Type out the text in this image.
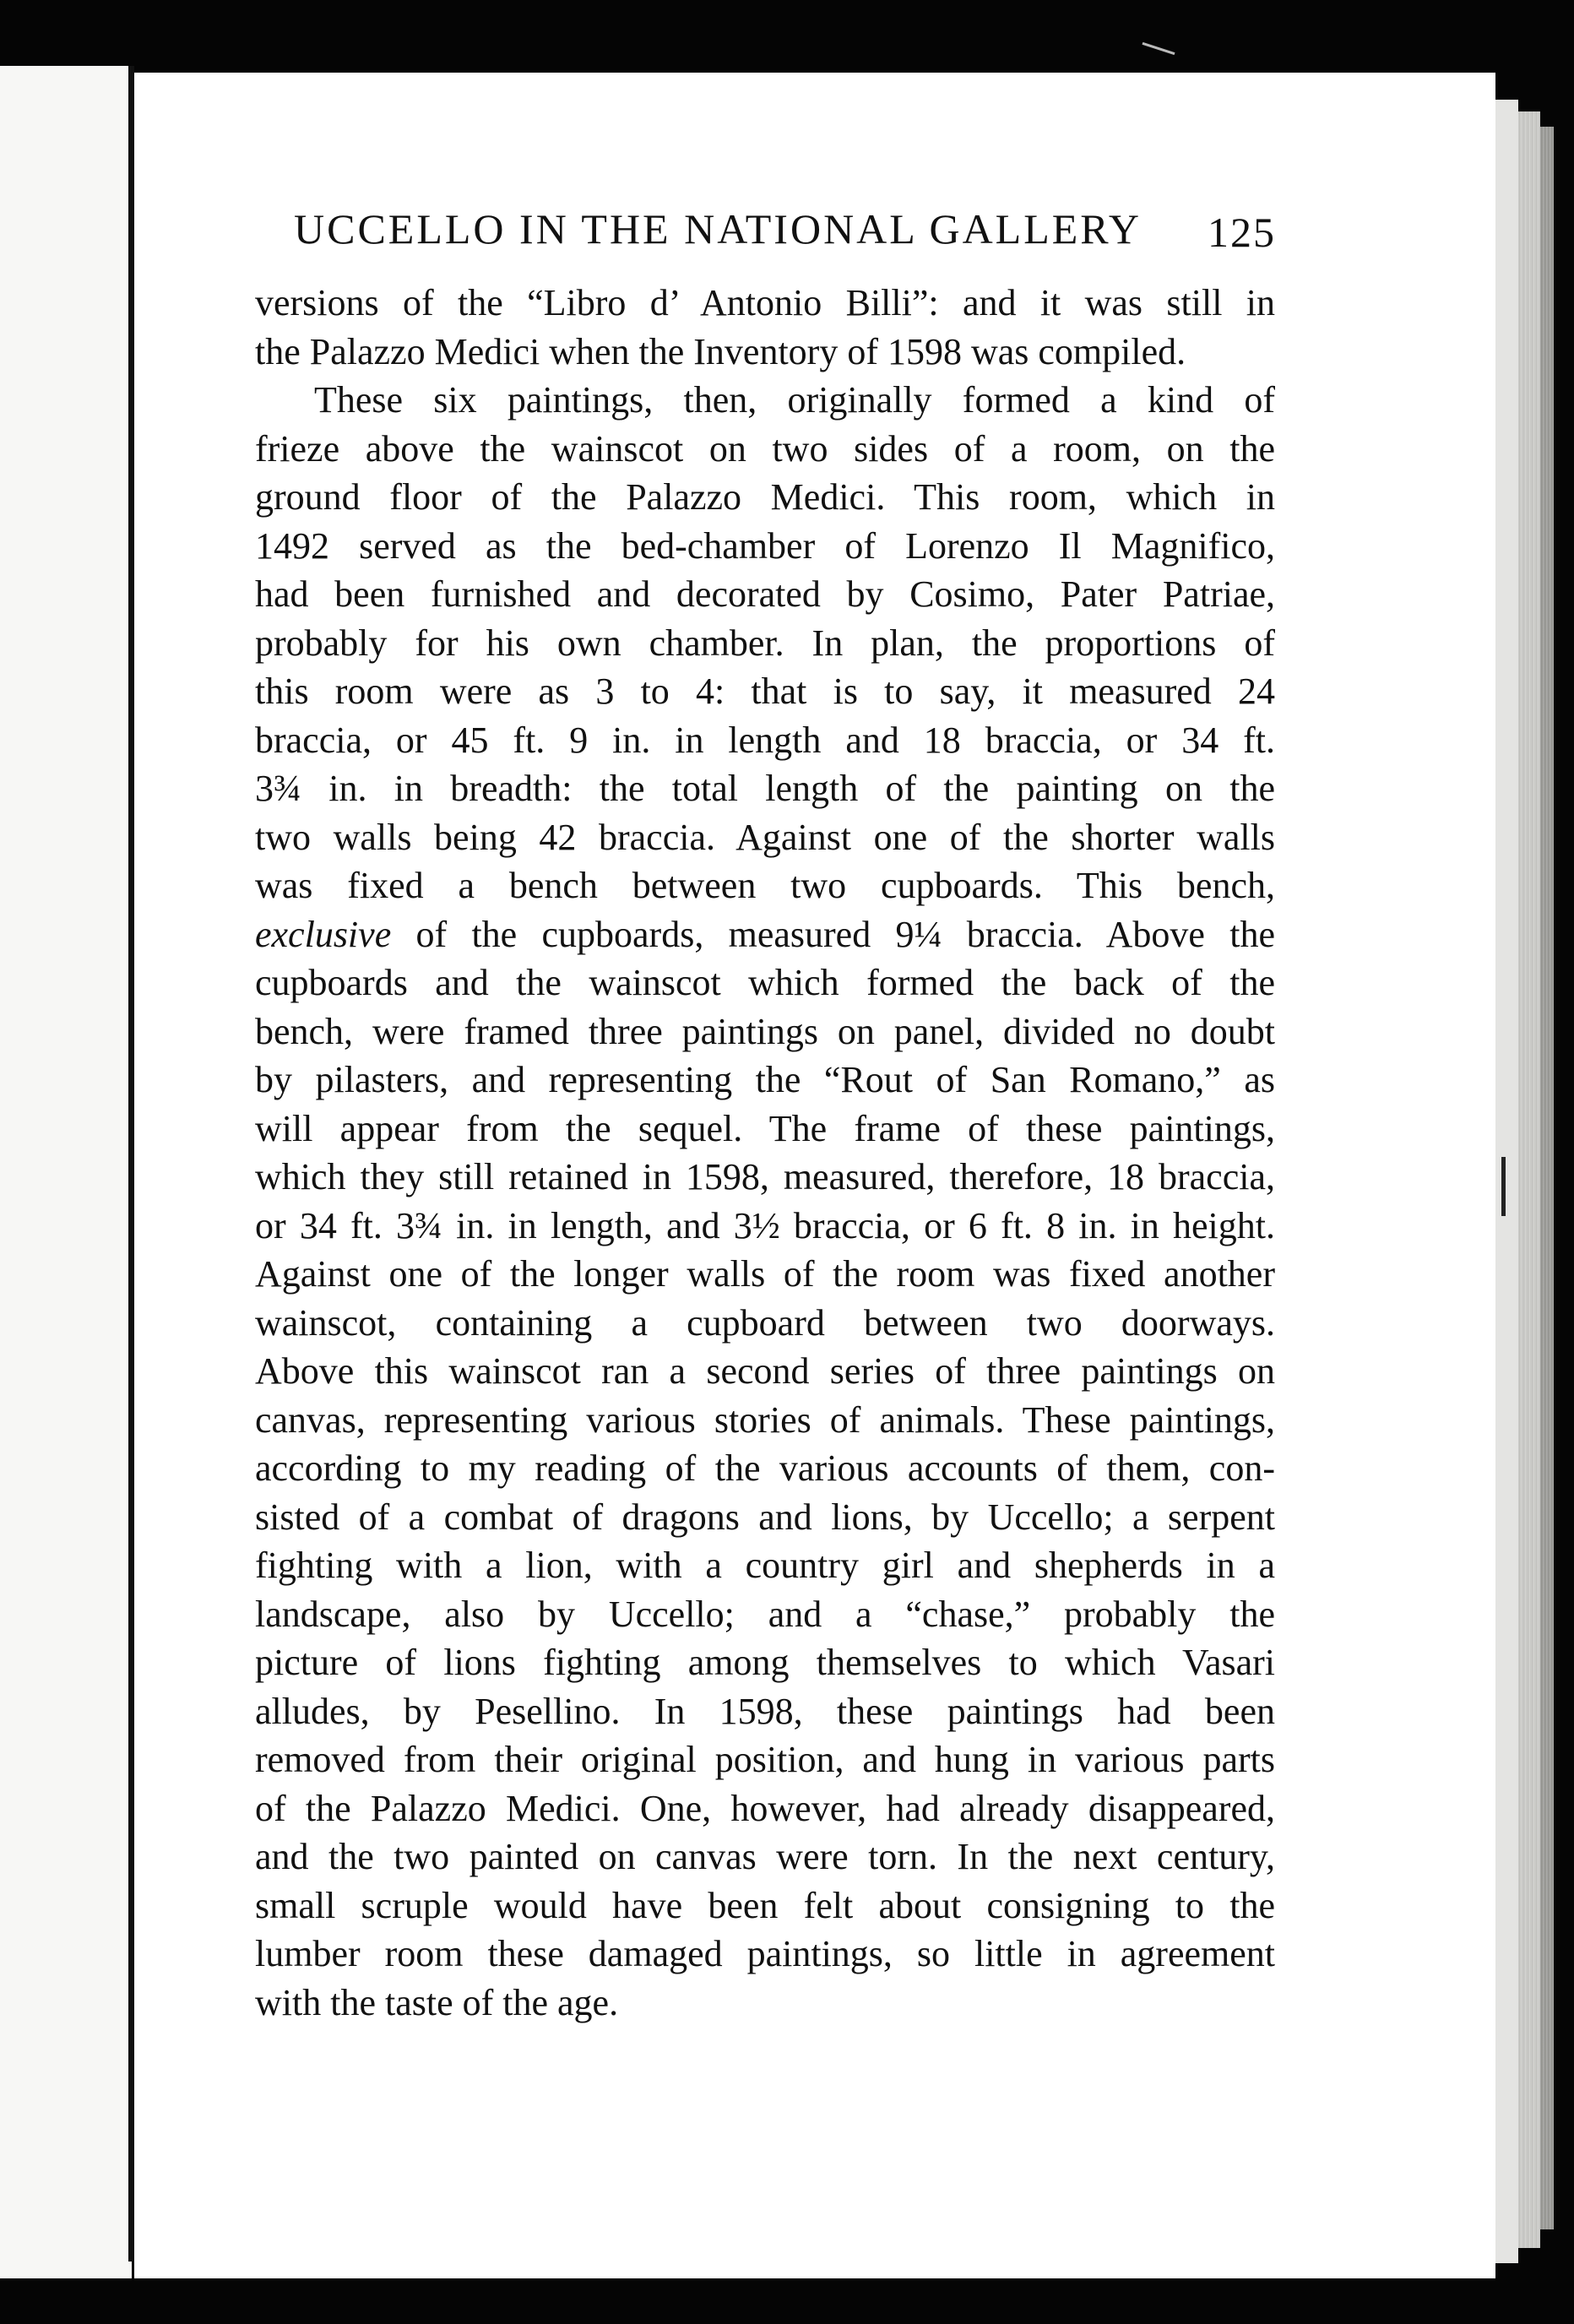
UCCELLO IN THE NATIONAL GALLERY	125
versions of the “Libro d’ Antonio Billi”: and it was still in
the Palazzo Medici when the Inventory of 1598 was compiled.
These six paintings, then, originally formed a kind of
frieze above the wainscot on two sides of a room, on the
ground floor of the Palazzo Medici. This room, which in
1492 served as the bed-chamber of Lorenzo Il Magnifico,
had been furnished and decorated by Cosimo, Pater Patriae,
probably for his own chamber. In plan, the proportions of
this room were as 3 to 4: that is to say, it measured 24
braccia, or 45 ft. 9 in. in length and 18 braccia, or 34 ft.
3¾ in. in breadth: the total length of the painting on the
two walls being 42 braccia. Against one of the shorter walls
was fixed a bench between two cupboards. This bench,
exclusive of the cupboards, measured 9¼ braccia. Above the
cupboards and the wainscot which formed the back of the
bench, were framed three paintings on panel, divided no doubt
by pilasters, and representing the “Rout of San Romano,” as
will appear from the sequel. The frame of these paintings,
which they still retained in 1598, measured, therefore, 18 braccia,
or 34 ft. 3¾ in. in length, and 3½ braccia, or 6 ft. 8 in. in height.
Against one of the longer walls of the room was fixed another
wainscot, containing a cupboard between two doorways.
Above this wainscot ran a second series of three paintings on
canvas, representing various stories of animals. These paintings,
according to my reading of the various accounts of them, con-
sisted of a combat of dragons and lions, by Uccello; a serpent
fighting with a lion, with a country girl and shepherds in a
landscape, also by Uccello; and a “chase,” probably the
picture of lions fighting among themselves to which Vasari
alludes, by Pesellino. In 1598, these paintings had been
removed from their original position, and hung in various parts
of the Palazzo Medici. One, however, had already disappeared,
and the two painted on canvas were torn. In the next century,
small scruple would have been felt about consigning to the
lumber room these damaged paintings, so little in agreement
with the taste of the age.
